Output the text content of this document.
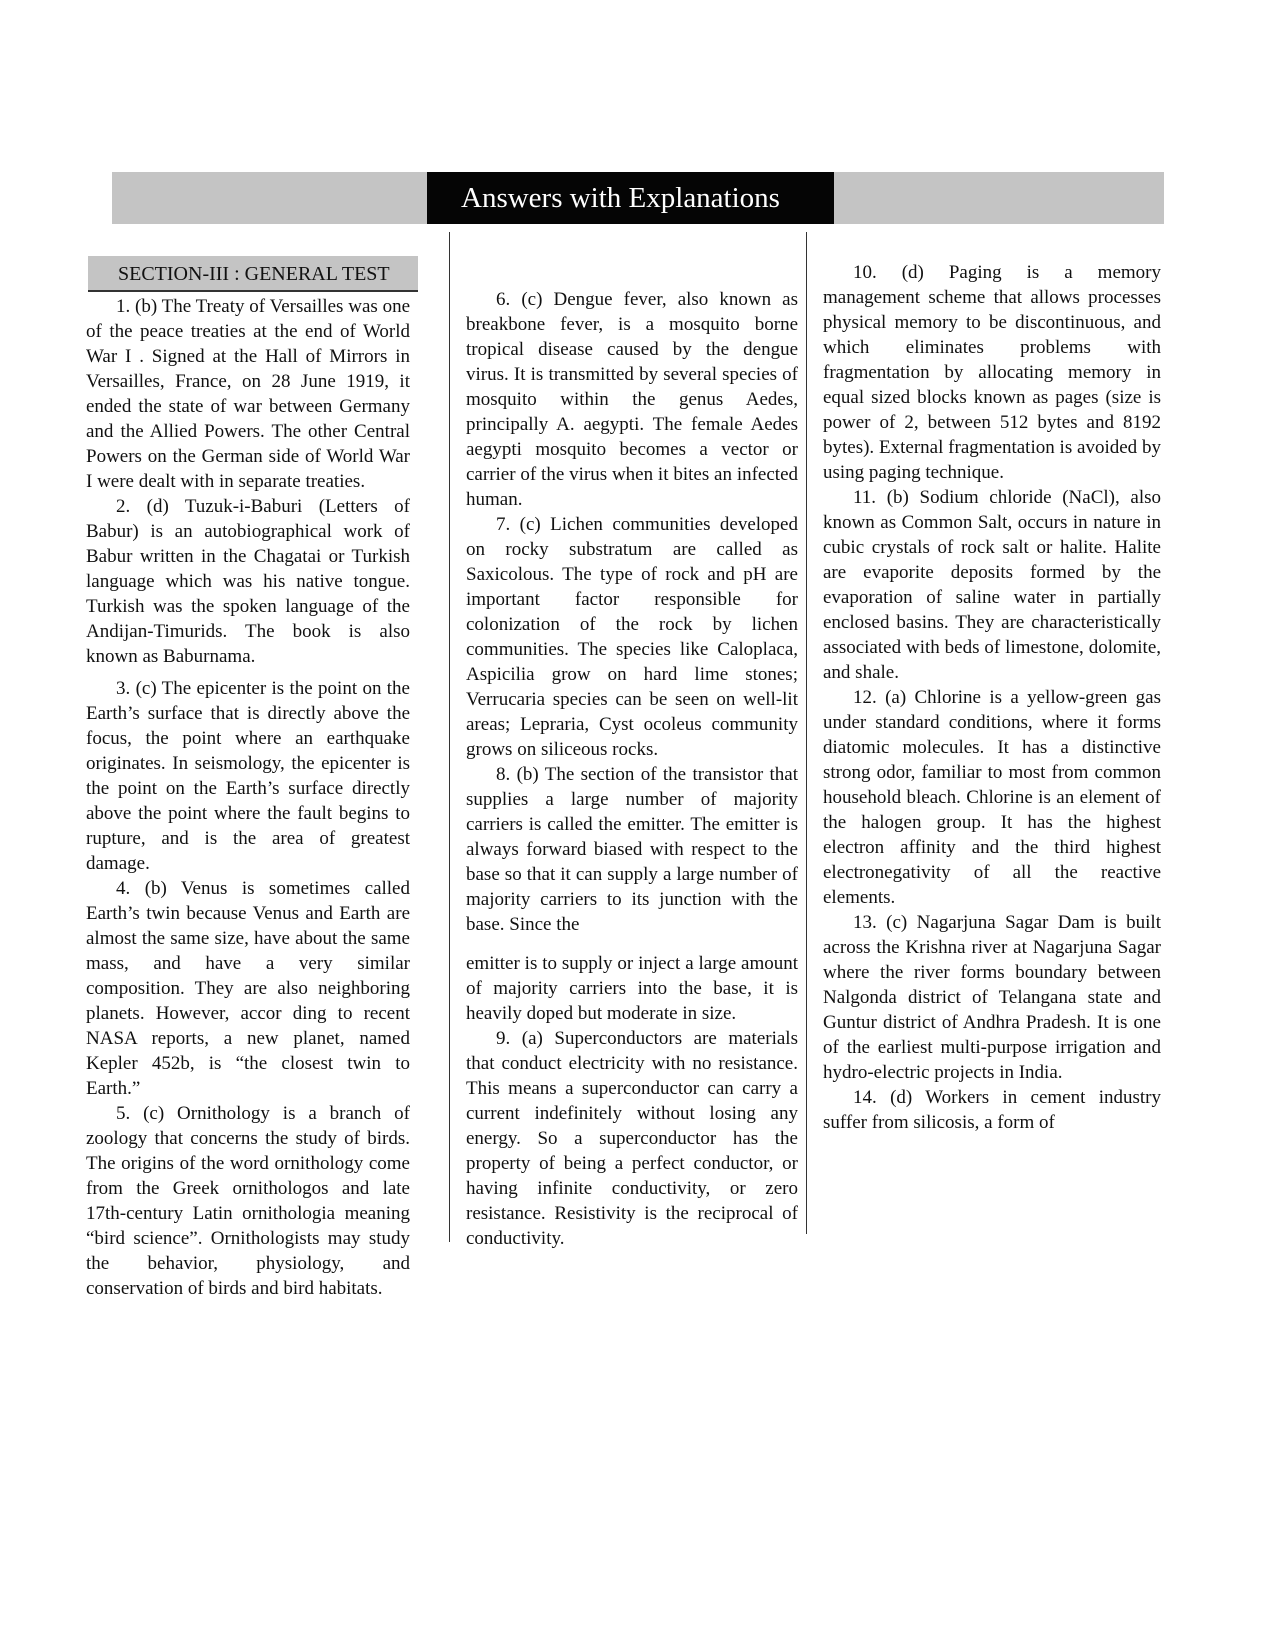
Answers with Explanations
SECTION-III : GENERAL TEST

1. (b) The Treaty of Versailles was one of the peace treaties at the end of World War I . Signed at the Hall of Mirrors in Versailles, France, on 28 June 1919, it ended the state of war between Germany and the Allied Powers. The other Central Powers on the German side of World War I were dealt with in separate treaties.

2. (d) Tuzuk-i-Baburi (Letters of Babur) is an autobiographical work of Babur written in the Chagatai or Turkish language which was his native tongue. Turkish was the spoken language of the Andijan-Timurids. The book is also known as Baburnama.

3. (c) The epicenter is the point on the Earth’s surface that is directly above the focus, the point where an earthquake originates. In seismology, the epicenter is the point on the Earth’s surface directly above the point where the fault begins to rupture, and is the area of greatest damage.

4. (b) Venus is sometimes called Earth’s twin because Venus and Earth are almost the same size, have about the same mass, and have a very similar composition. They are also neighboring planets. However, accor ding to recent NASA reports, a new planet, named Kepler 452b, is “the closest twin to Earth.”

5. (c) Ornithology is a branch of zoology that concerns the study of birds. The origins of the word ornithology come from the Greek ornithologos and late 17th-century Latin ornithologia meaning “bird science”. Ornithologists may study the behavior, physiology, and conservation of birds and bird habitats.

6. (c) Dengue fever, also known as breakbone fever, is a mosquito borne tropical disease caused by the dengue virus. It is transmitted by several species of mosquito within the genus Aedes, principally A. aegypti. The female Aedes aegypti mosquito becomes a vector or carrier of the virus when it bites an infected human.

7. (c) Lichen communities developed on rocky substratum are called as Saxicolous. The type of rock and pH are important factor responsible for colonization of the rock by lichen communities. The species like Caloplaca, Aspicilia grow on hard lime stones; Verrucaria species can be seen on well-lit areas; Lepraria, Cyst ocoleus community grows on siliceous rocks.

8. (b) The section of the transistor that supplies a large number of majority carriers is called the emitter. The emitter is always forward biased with respect to the base so that it can supply a large number of majority carriers to its junction with the base. Since the

emitter is to supply or inject a large amount of majority carriers into the base, it is heavily doped but moderate in size.

9. (a) Superconductors are materials that conduct electricity with no resistance. This means a superconductor can carry a current indefinitely without losing any energy. So a superconductor has the property of being a perfect conductor, or having infinite conductivity, or zero resistance. Resistivity is the reciprocal of conductivity.

10. (d) Paging is a memory management scheme that allows processes physical memory to be discontinuous, and which eliminates problems with fragmentation by allocating memory in equal sized blocks known as pages (size is power of 2, between 512 bytes and 8192 bytes). External fragmentation is avoided by using paging technique.

11. (b) Sodium chloride (NaCl), also known as Common Salt, occurs in nature in cubic crystals of rock salt or halite. Halite are evaporite deposits formed by the evaporation of saline water in partially enclosed basins. They are characteristically associated with beds of limestone, dolomite, and shale.

12. (a) Chlorine is a yellow-green gas under standard conditions, where it forms diatomic molecules. It has a distinctive strong odor, familiar to most from common household bleach. Chlorine is an element of the halogen group. It has the highest electron affinity and the third highest electronegativity of all the reactive elements.

13. (c) Nagarjuna Sagar Dam is built across the Krishna river at Nagarjuna Sagar where the river forms boundary between Nalgonda district of Telangana state and Guntur district of Andhra Pradesh. It is one of the earliest multi-purpose irrigation and hydro-electric projects in India.

14. (d) Workers in cement industry suffer from silicosis, a form of
